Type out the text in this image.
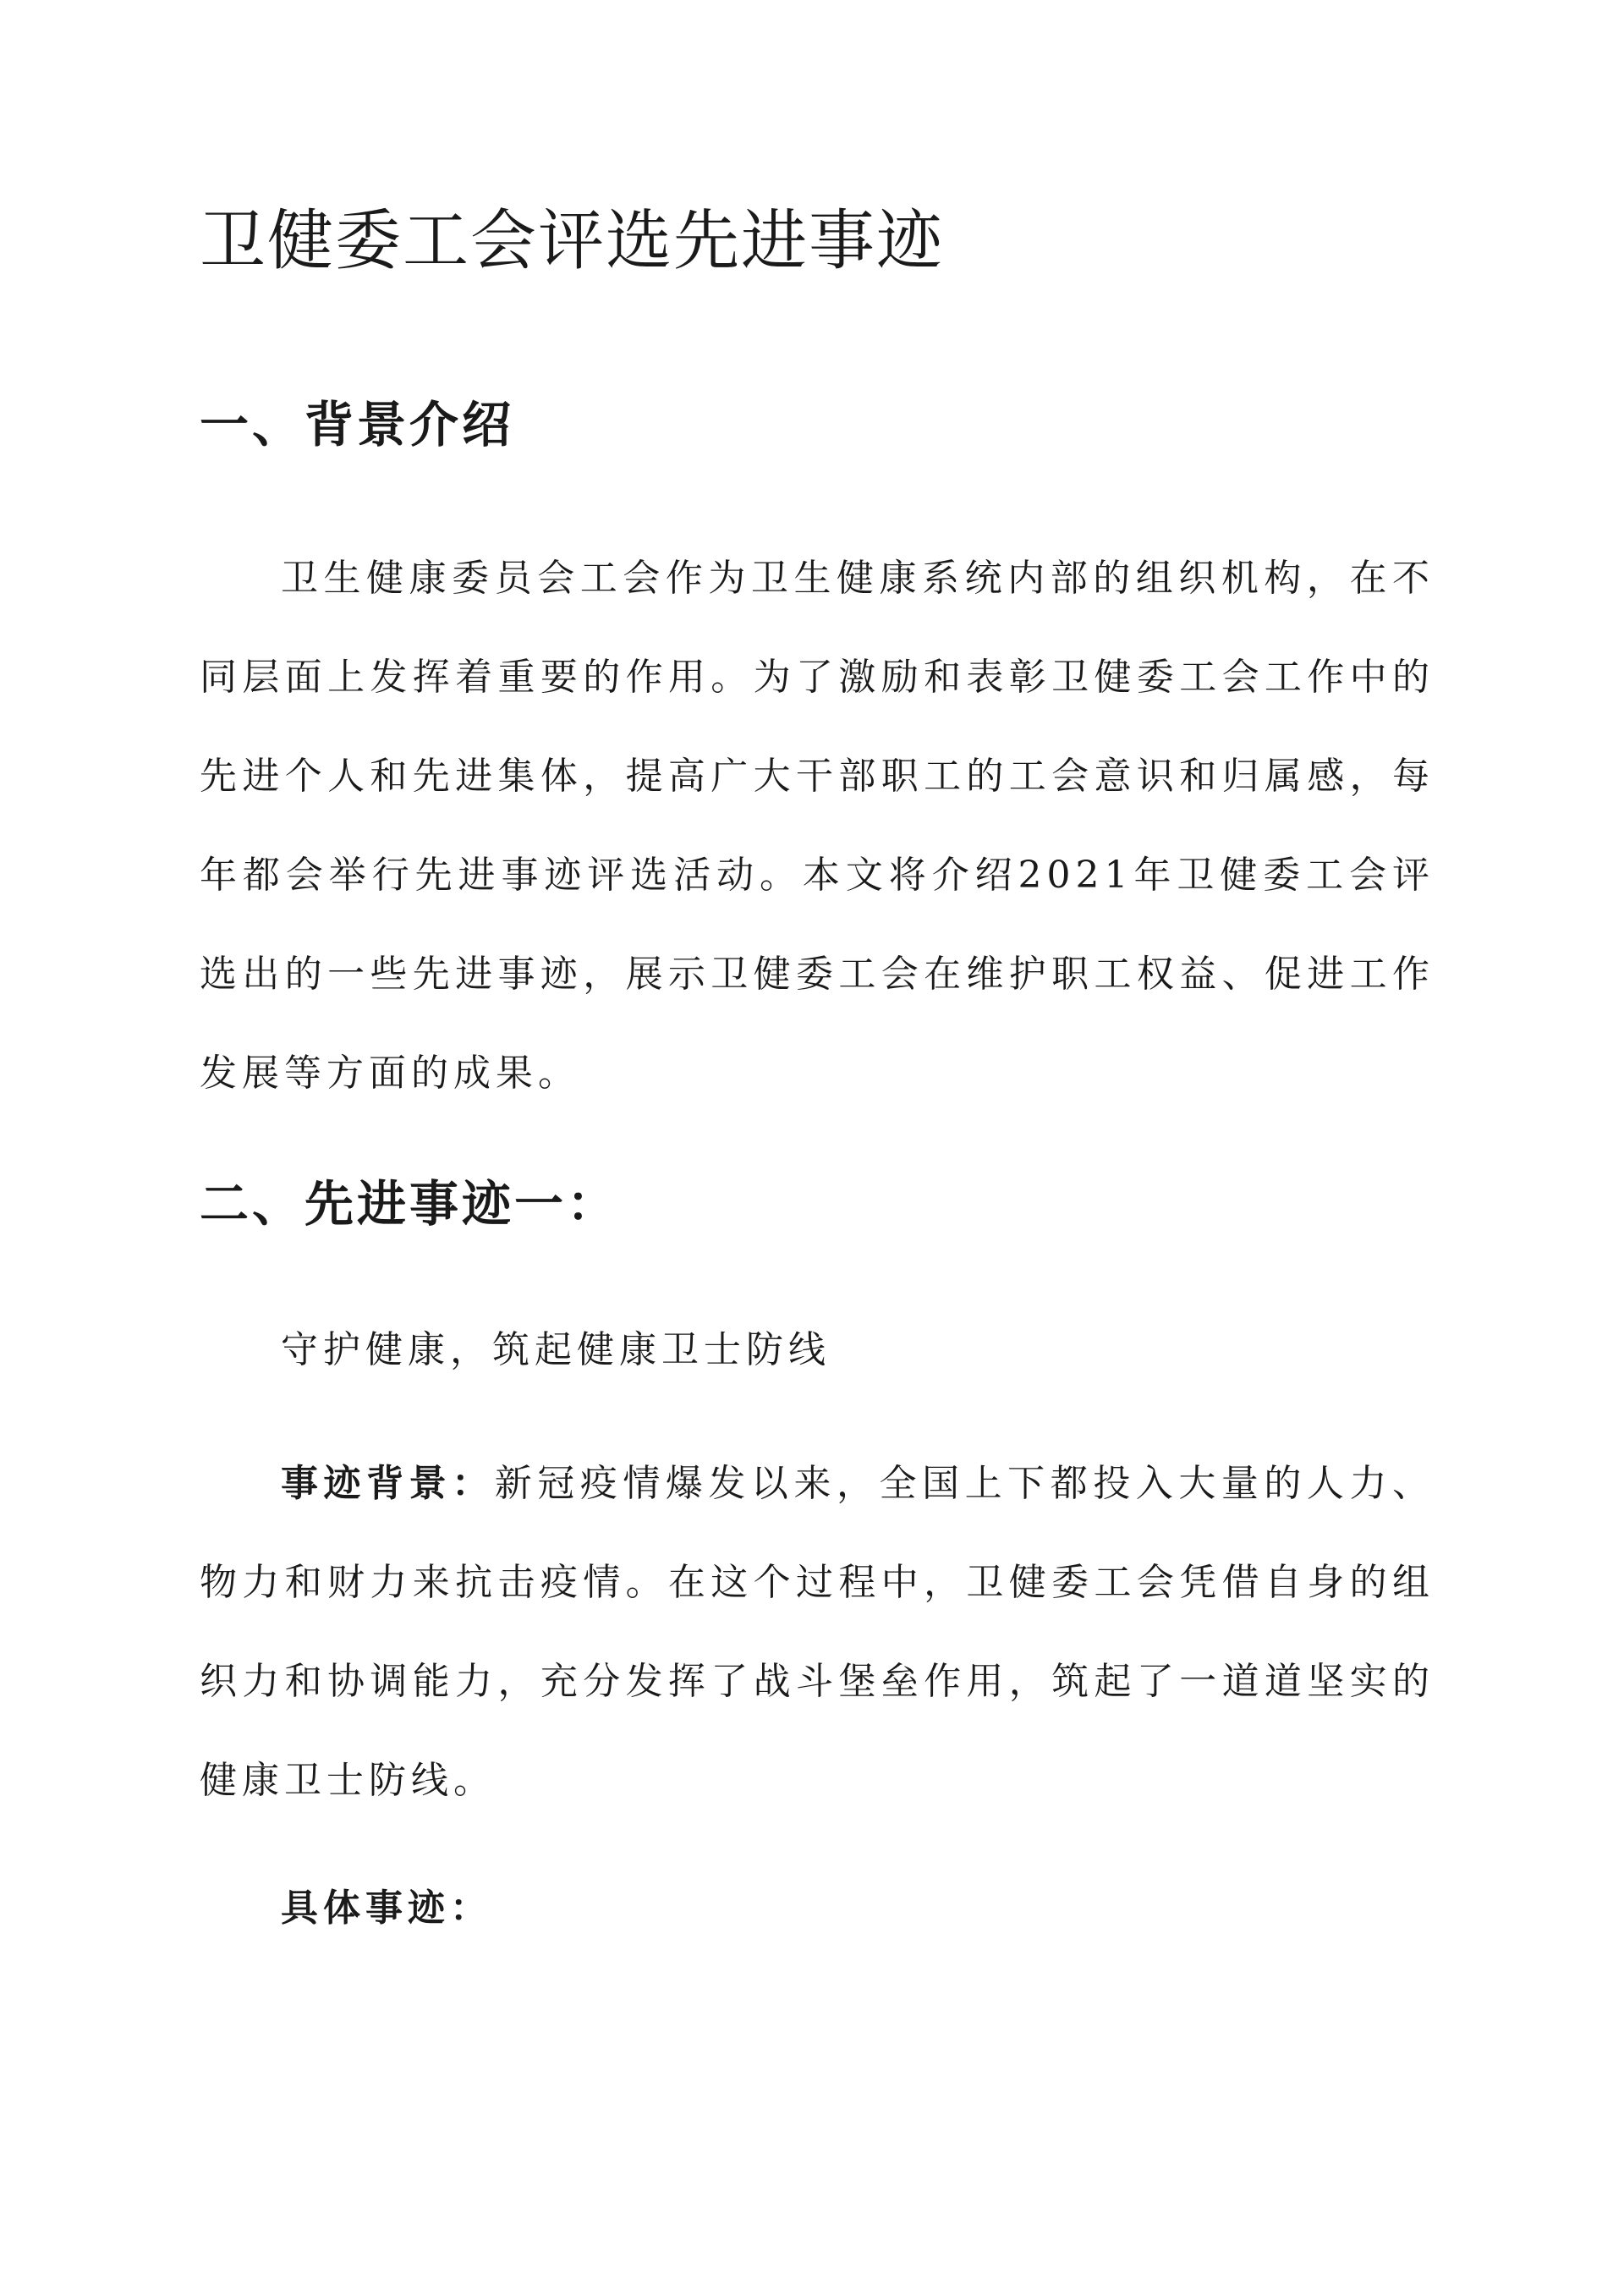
卫健委工会评选先进事迹
一、背景介绍

卫生健康委员会工会作为卫生健康系统内部的组织机构，在不同层面上发挥着重要的作用。为了激励和表彰卫健委工会工作中的先进个人和先进集体，提高广大干部职工的工会意识和归属感，每年都会举行先进事迹评选活动。本文将介绍2021年卫健委工会评选出的一些先进事迹，展示卫健委工会在维护职工权益、促进工作发展等方面的成果。

二、先进事迹一：

守护健康，筑起健康卫士防线

事迹背景：新冠疫情爆发以来，全国上下都投入大量的人力、物力和财力来抗击疫情。在这个过程中，卫健委工会凭借自身的组织力和协调能力，充分发挥了战斗堡垒作用，筑起了一道道坚实的健康卫士防线。

具体事迹：
